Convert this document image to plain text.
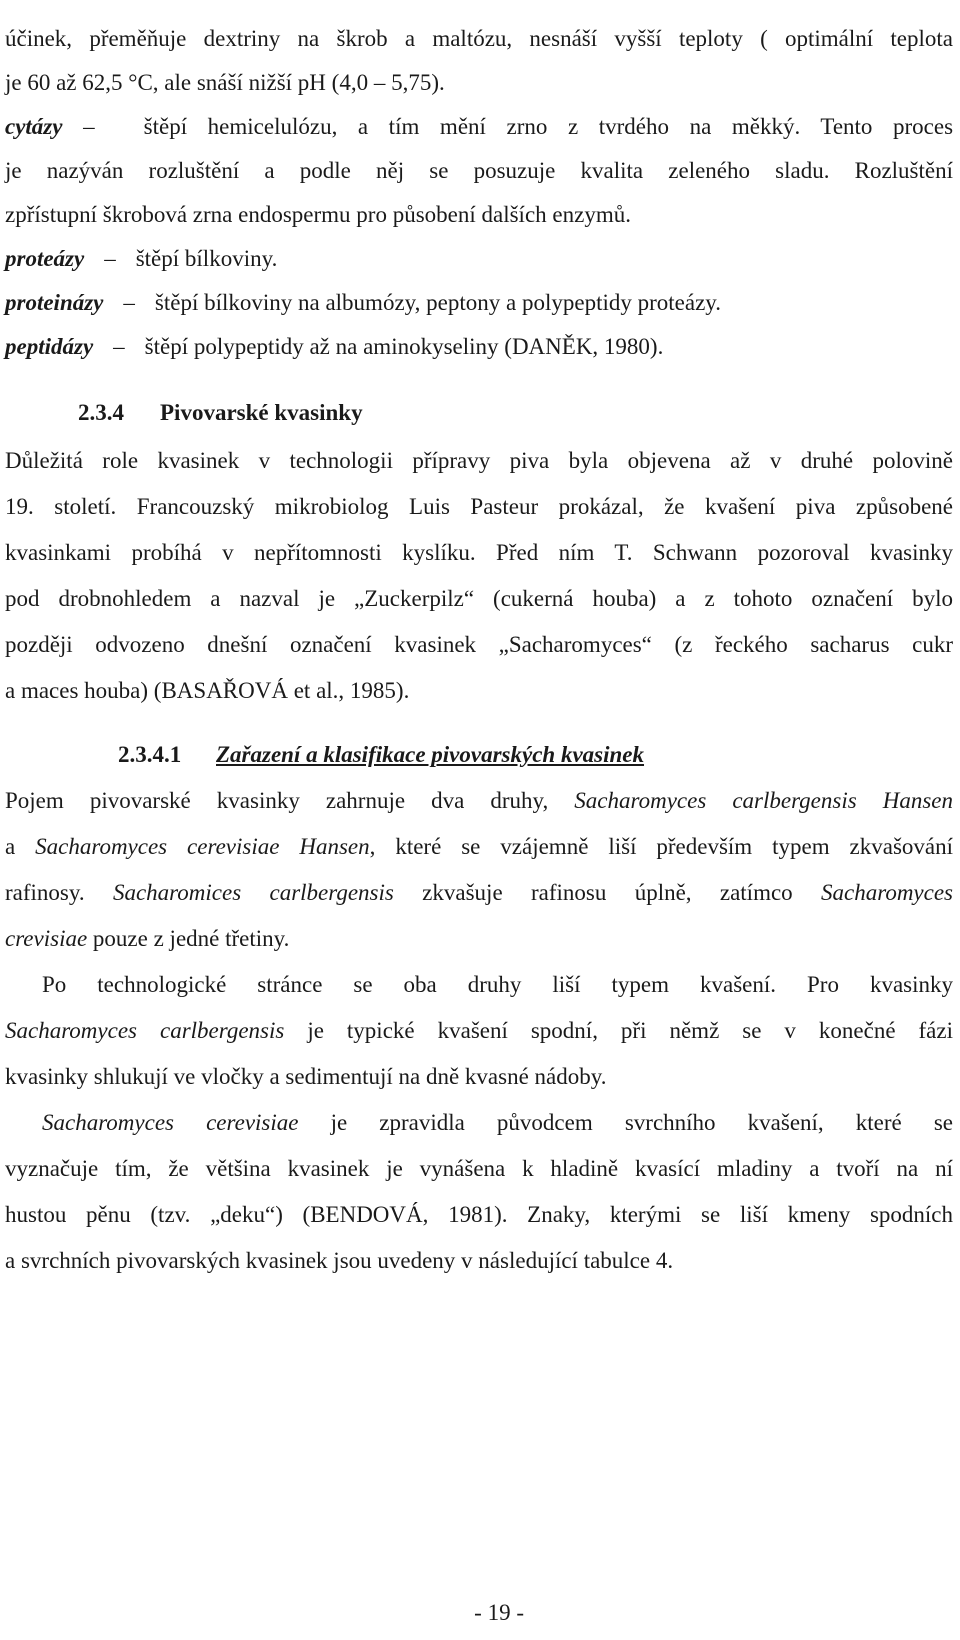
účinek, přeměňuje dextriny na škrob a maltózu, nesnáší vyšší teploty ( optimální teplota
je 60 až 62,5 °C, ale snáší nižší pH (4,0 – 5,75).
cytázy – štěpí hemicelulózu, a tím mění zrno z tvrdého na měkký. Tento proces
je nazýván rozluštění a podle něj se posuzuje kvalita zeleného sladu. Rozluštění
zpřístupní škrobová zrna endospermu pro působení dalších enzymů.
proteázy – štěpí bílkoviny.
proteinázy – štěpí bílkoviny na albumózy, peptony a polypeptidy proteázy.
peptidázy – štěpí polypeptidy až na aminokyseliny (DANĚK, 1980).
2.3.4 Pivovarské kvasinky
Důležitá role kvasinek v technologii přípravy piva byla objevena až v druhé polovině
19. století. Francouzský mikrobiolog Luis Pasteur prokázal, že kvašení piva způsobené
kvasinkami probíhá v nepřítomnosti kyslíku. Před ním T. Schwann pozoroval kvasinky
pod drobnohledem a nazval je „Zuckerpilz“ (cukerná houba) a z tohoto označení bylo
později odvozeno dnešní označení kvasinek „Sacharomyces“ (z řeckého sacharus cukr
a maces houba) (BASAŘOVÁ et al., 1985).
2.3.4.1 Zařazení a klasifikace pivovarských kvasinek
Pojem pivovarské kvasinky zahrnuje dva druhy, Sacharomyces carlbergensis Hansen
a Sacharomyces cerevisiae Hansen, které se vzájemně liší především typem zkvašování
rafinosy. Sacharomices carlbergensis zkvašuje rafinosu úplně, zatímco Sacharomyces
crevisiae pouze z jedné třetiny.
Po technologické stránce se oba druhy liší typem kvašení. Pro kvasinky
Sacharomyces carlbergensis je typické kvašení spodní, při němž se v konečné fázi
kvasinky shlukují ve vločky a sedimentují na dně kvasné nádoby.
Sacharomyces cerevisiae je zpravidla původcem svrchního kvašení, které se
vyznačuje tím, že většina kvasinek je vynášena k hladině kvasící mladiny a tvoří na ní
hustou pěnu (tzv. „deku“) (BENDOVÁ, 1981). Znaky, kterými se liší kmeny spodních
a svrchních pivovarských kvasinek jsou uvedeny v následující tabulce 4.
- 19 -
